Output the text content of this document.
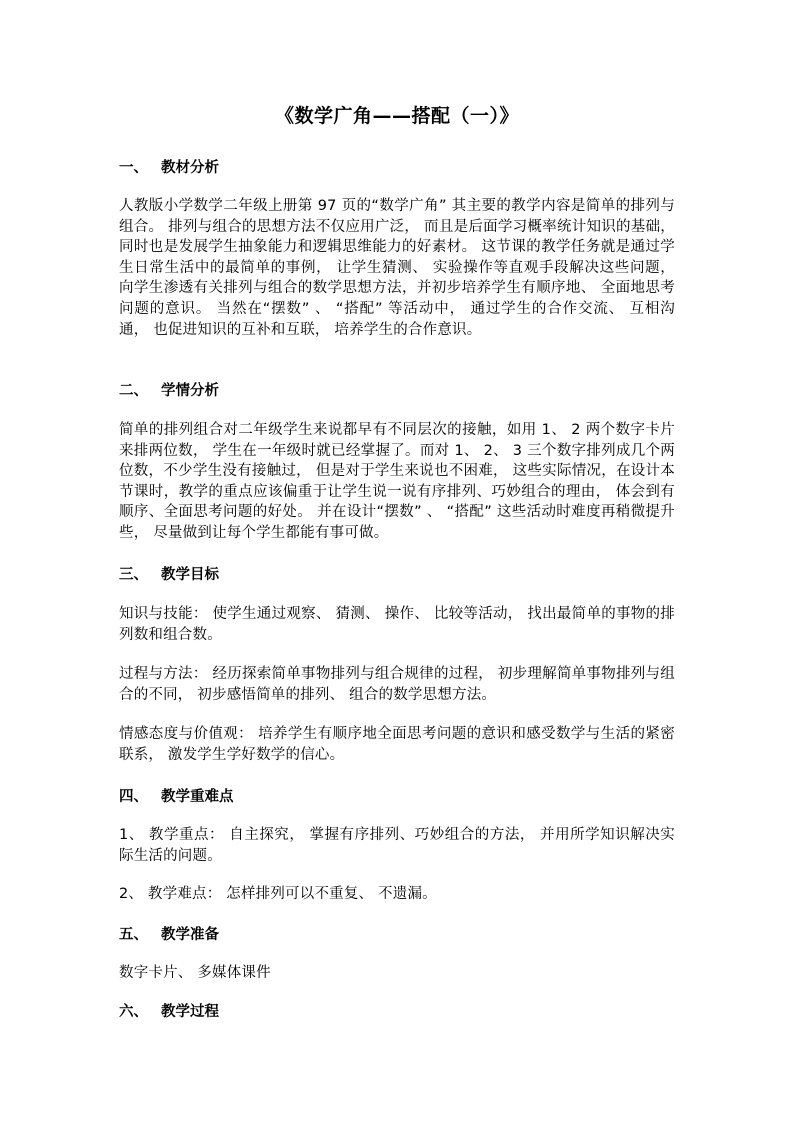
《数学广角——搭配（一）》
一、 教材分析
人教版小学数学二年级上册第 97 页的“数学广角” 其主要的教学内容是简单的排列与组合。 排列与组合的思想方法不仅应用广泛， 而且是后面学习概率统计知识的基础，同时也是发展学生抽象能力和逻辑思维能力的好素材。 这节课的教学任务就是通过学生日常生活中的最简单的事例， 让学生猜测、 实验操作等直观手段解决这些问题， 向学生渗透有关排列与组合的数学思想方法，并初步培养学生有顺序地、 全面地思考问题的意识。 当然在“摆数” 、 “搭配” 等活动中， 通过学生的合作交流、 互相沟通， 也促进知识的互补和互联， 培养学生的合作意识。
二、 学情分析
简单的排列组合对二年级学生来说都早有不同层次的接触，如用 1、 2 两个数字卡片来排两位数， 学生在一年级时就已经掌握了。而对 1、 2、 3 三个数字排列成几个两位数，不少学生没有接触过， 但是对于学生来说也不困难， 这些实际情况，在设计本节课时，教学的重点应该偏重于让学生说一说有序排列、巧妙组合的理由， 体会到有顺序、全面思考问题的好处。 并在设计“摆数” 、 “搭配” 这些活动时难度再稍微提升些， 尽量做到让每个学生都能有事可做。
三、 教学目标
知识与技能： 使学生通过观察、 猜测、 操作、 比较等活动， 找出最简单的事物的排列数和组合数。
过程与方法： 经历探索简单事物排列与组合规律的过程， 初步理解简单事物排列与组合的不同， 初步感悟简单的排列、 组合的数学思想方法。
情感态度与价值观： 培养学生有顺序地全面思考问题的意识和感受数学与生活的紧密联系， 激发学生学好数学的信心。
四、 教学重难点
1、 教学重点： 自主探究， 掌握有序排列、巧妙组合的方法， 并用所学知识解决实际生活的问题。
2、 教学难点： 怎样排列可以不重复、 不遗漏。
五、 教学准备
数字卡片、 多媒体课件
六、 教学过程
